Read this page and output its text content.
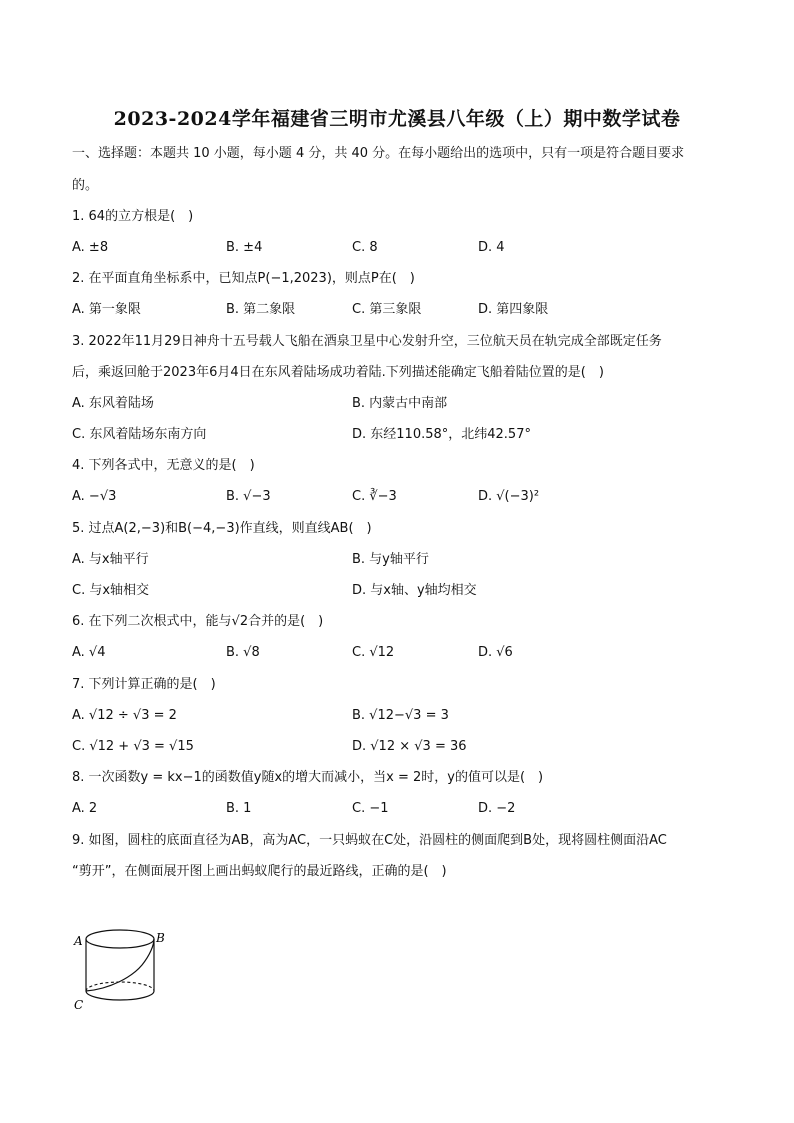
2023-2024学年福建省三明市尤溪县八年级（上）期中数学试卷
一、选择题：本题共 10 小题，每小题 4 分，共 40 分。在每小题给出的选项中，只有一项是符合题目要求
的。
1. 64的立方根是(　)
A. ±8	B. ±4	C. 8	D. 4
2. 在平面直角坐标系中，已知点P(−1,2023)，则点P在(　)
A. 第一象限	B. 第二象限	C. 第三象限	D. 第四象限
3. 2022年11月29日神舟十五号载人飞船在酒泉卫星中心发射升空，三位航天员在轨完成全部既定任务
后，乘返回舱于2023年6月4日在东风着陆场成功着陆.下列描述能确定飞船着陆位置的是(　)
A. 东风着陆场	B. 内蒙古中南部
C. 东风着陆场东南方向	D. 东经110.58°，北纬42.57°
4. 下列各式中，无意义的是(　)
A. −√3	B. √−3	C. ∛−3	D. √(−3)²
5. 过点A(2,−3)和B(−4,−3)作直线，则直线AB(　)
A. 与x轴平行	B. 与y轴平行
C. 与x轴相交	D. 与x轴、y轴均相交
6. 在下列二次根式中，能与√2合并的是(　)
A. √4	B. √8	C. √12	D. √6
7. 下列计算正确的是(　)
A. √12 ÷ √3 = 2	B. √12−√3 = 3
C. √12 + √3 = √15	D. √12 × √3 = 36
8. 一次函数y = kx−1的函数值y随x的增大而减小，当x = 2时，y的值可以是(　)
A. 2	B. 1	C. −1	D. −2
9. 如图，圆柱的底面直径为AB，高为AC，一只蚂蚁在C处，沿圆柱的侧面爬到B处，现将圆柱侧面沿AC
“剪开”，在侧面展开图上画出蚂蚁爬行的最近路线，正确的是(　)
A	B
C
